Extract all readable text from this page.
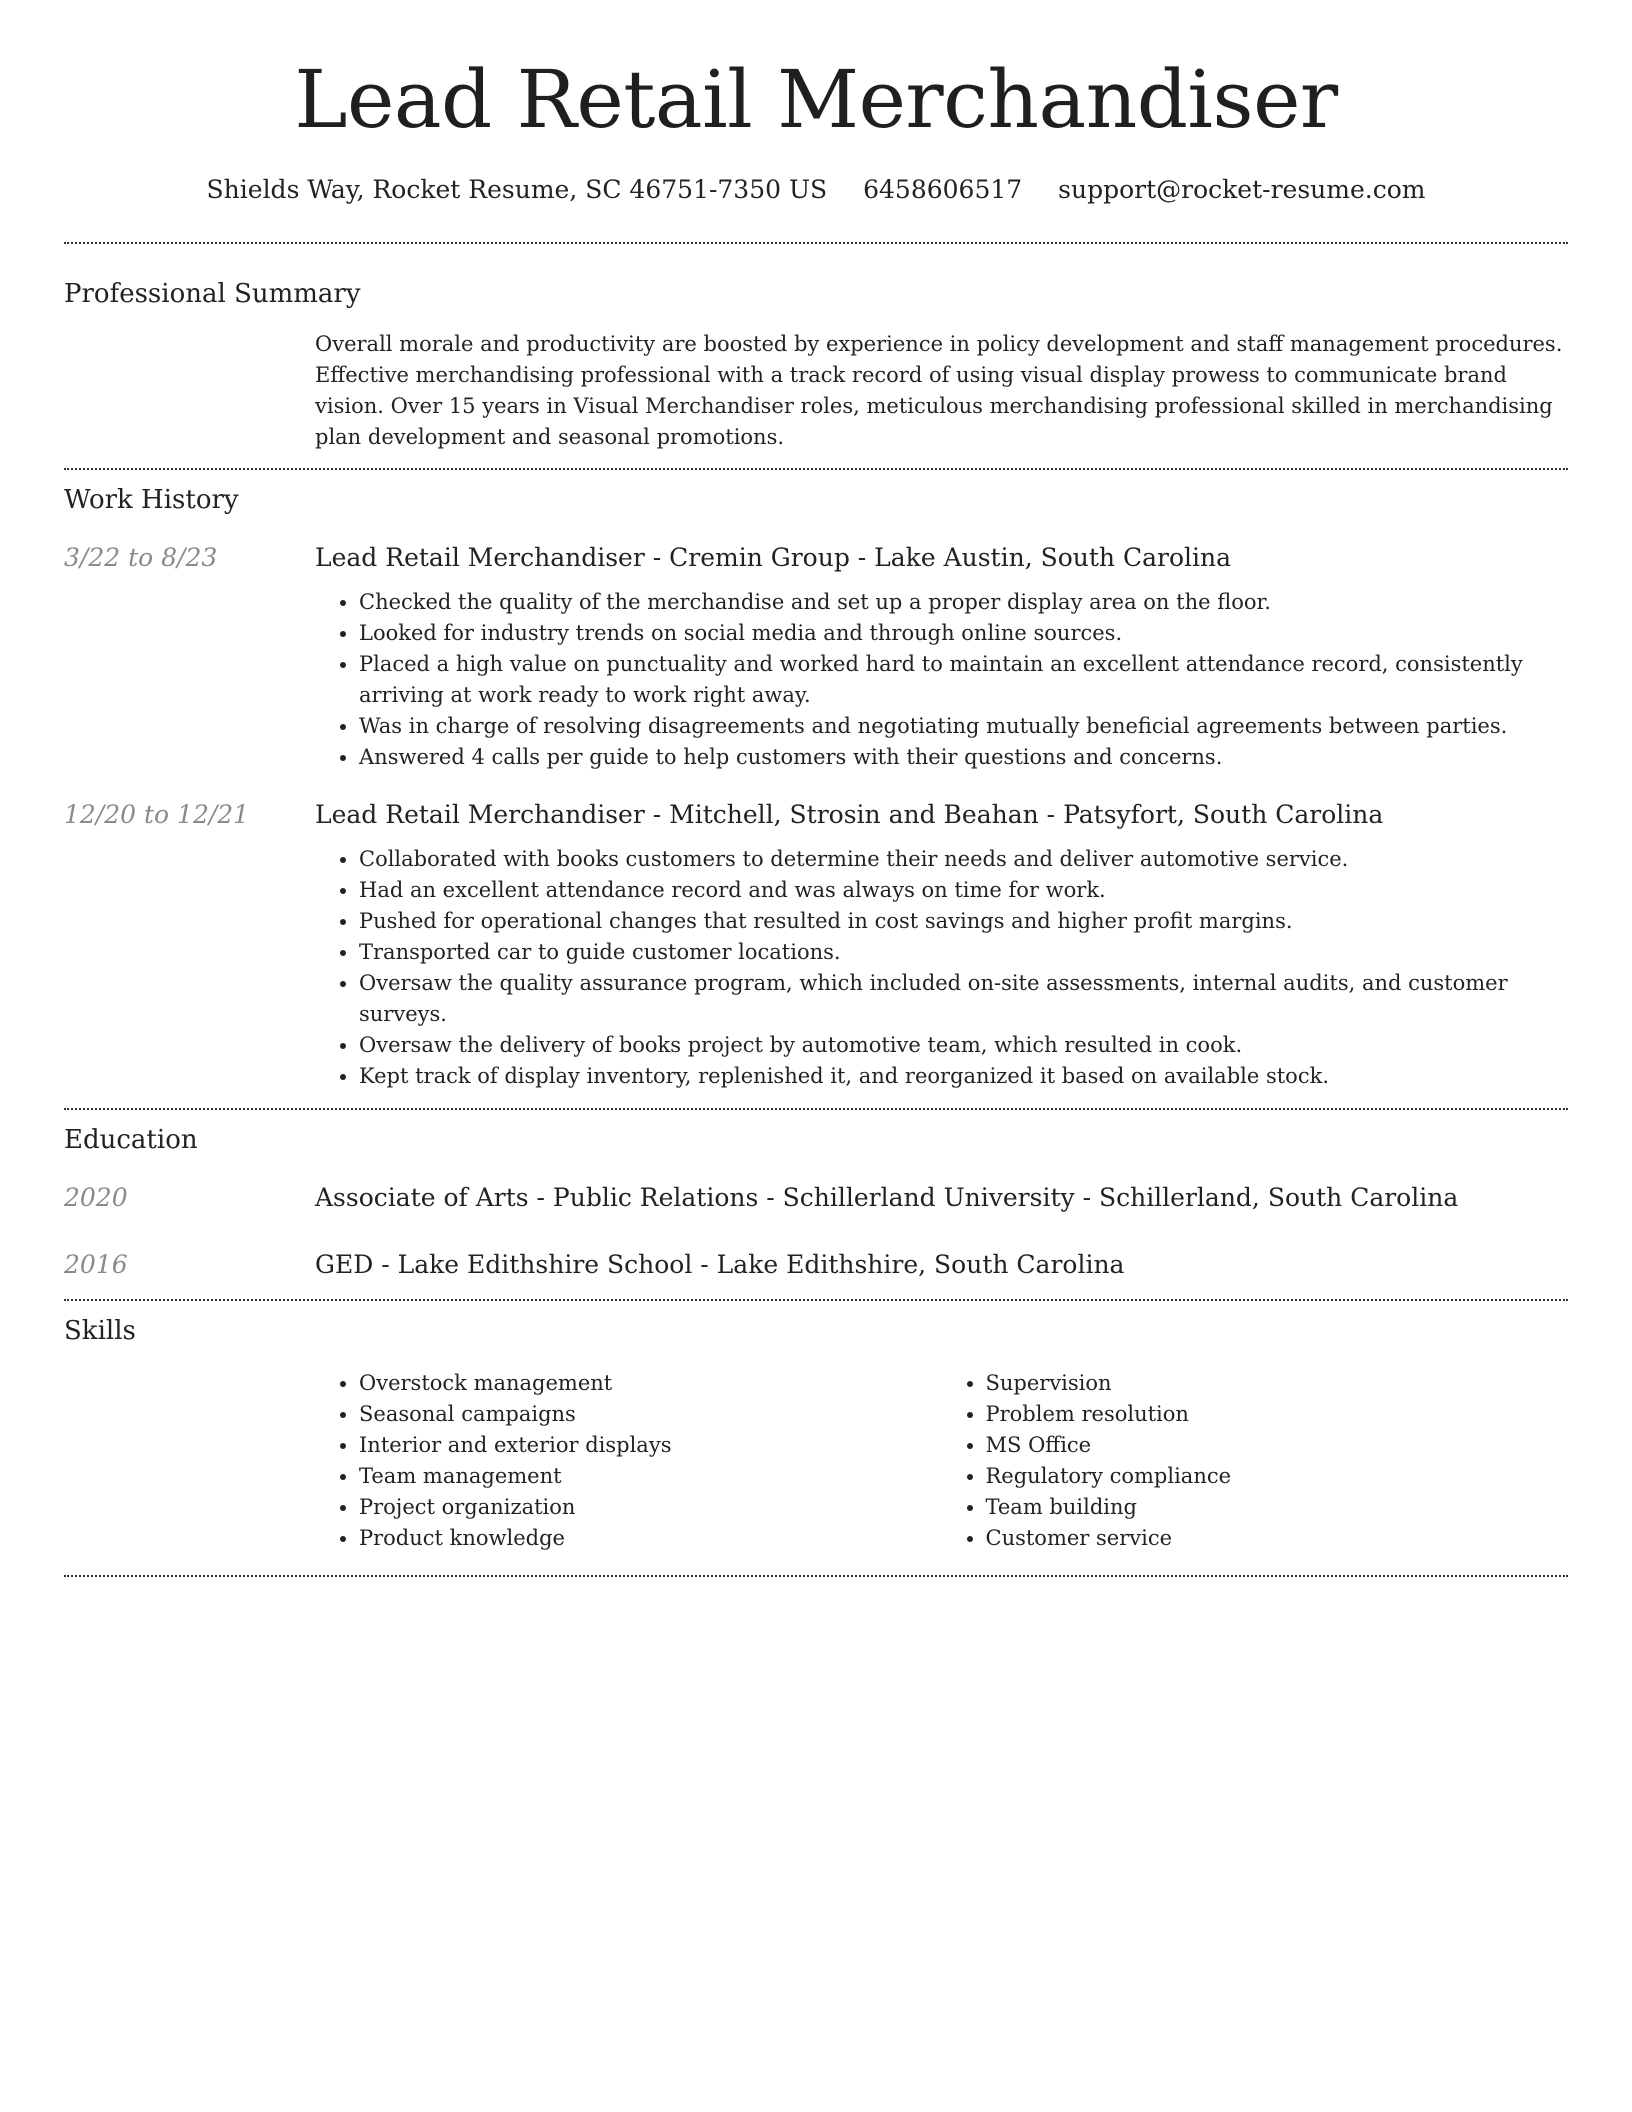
Lead Retail Merchandiser
Shields Way, Rocket Resume, SC 46751-7350 US 6458606517 support@rocket-resume.com
Professional Summary

Overall morale and productivity are boosted by experience in policy development and staff management procedures. Effective merchandising professional with a track record of using visual display prowess to communicate brand vision. Over 15 years in Visual Merchandiser roles, meticulous merchandising professional skilled in merchandising plan development and seasonal promotions.

Work History
3/22 to 8/23	Lead Retail Merchandiser - Cremin Group - Lake Austin, South Carolina

• Checked the quality of the merchandise and set up a proper display area on the floor.
• Looked for industry trends on social media and through online sources.
• Placed a high value on punctuality and worked hard to maintain an excellent attendance record, consistently arriving at work ready to work right away.
• Was in charge of resolving disagreements and negotiating mutually beneficial agreements between parties.
• Answered 4 calls per guide to help customers with their questions and concerns.
12/20 to 12/21	Lead Retail Merchandiser - Mitchell, Strosin and Beahan - Patsyfort, South Carolina

• Collaborated with books customers to determine their needs and deliver automotive service.
• Had an excellent attendance record and was always on time for work.
• Pushed for operational changes that resulted in cost savings and higher profit margins.
• Transported car to guide customer locations.
• Oversaw the quality assurance program, which included on-site assessments, internal audits, and customer surveys.
• Oversaw the delivery of books project by automotive team, which resulted in cook.
• Kept track of display inventory, replenished it, and reorganized it based on available stock.
Education
2020	Associate of Arts - Public Relations - Schillerland University - Schillerland, South Carolina

2016	GED - Lake Edithshire School - Lake Edithshire, South Carolina

Skills
• Overstock management
• Seasonal campaigns
• Interior and exterior displays
• Team management
• Project organization
• Product knowledge
• Supervision
• Problem resolution
• MS Office
• Regulatory compliance
• Team building
• Customer service
